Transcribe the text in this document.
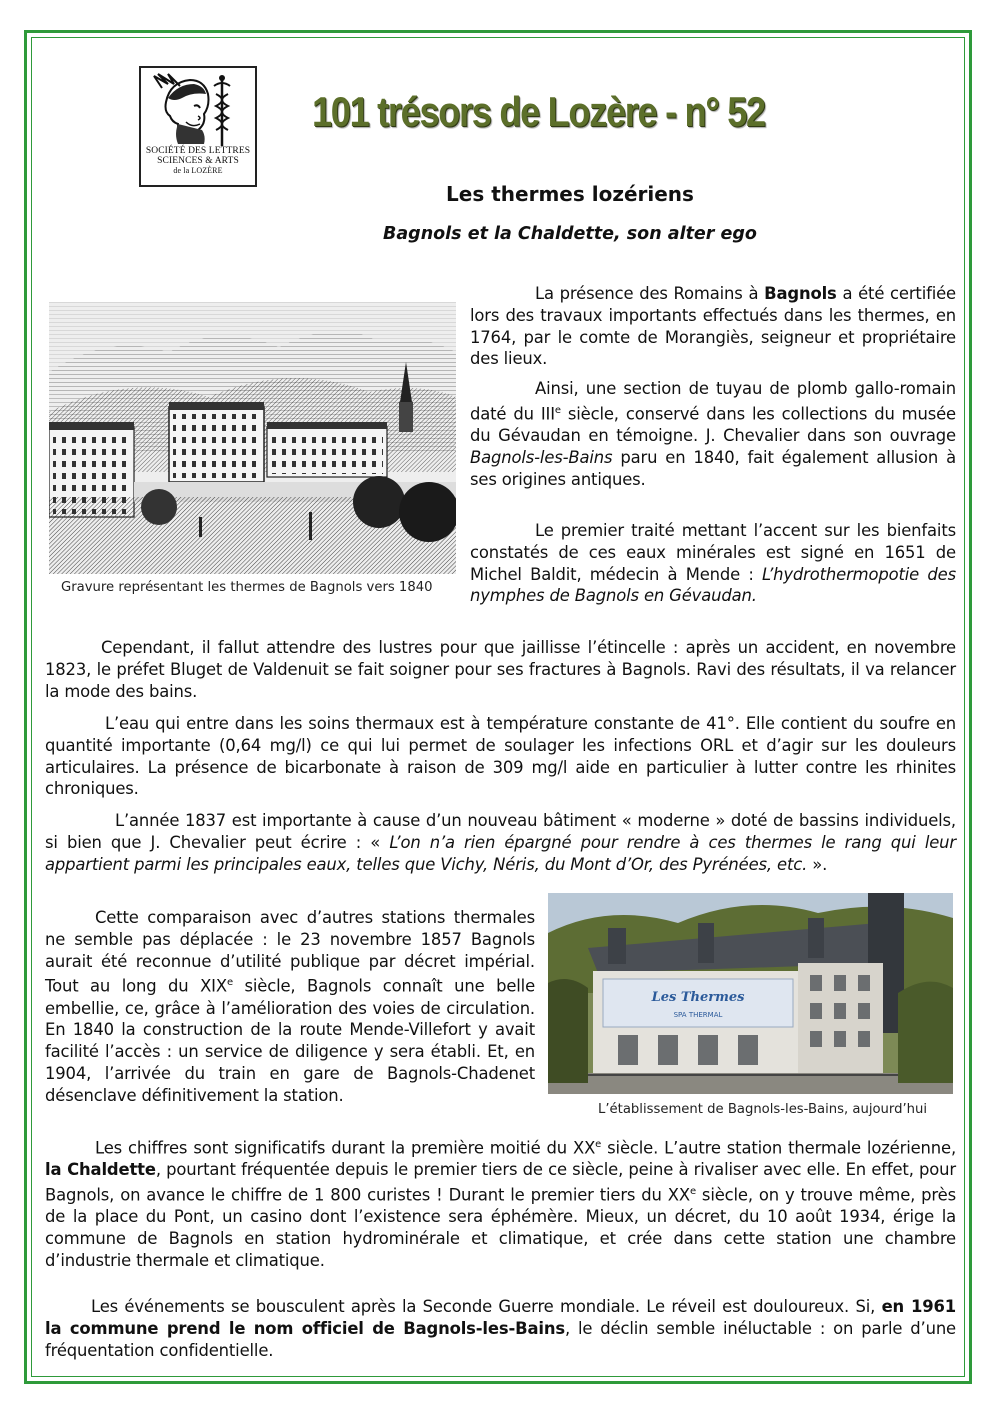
SOCIÉTÉ DES LETTRES
SCIENCES & ARTS
de la LOZÈRE
101 trésors de Lozère - n° 52
Les thermes lozériens
Bagnols et la Chaldette, son alter ego
Gravure représentant les thermes de Bagnols vers 1840

La présence des Romains à Bagnols a été certifiée lors des travaux importants effectués dans les thermes, en 1764, par le comte de Morangiès, seigneur et propriétaire des lieux.

Ainsi, une section de tuyau de plomb gallo-romain daté du IIIe siècle, conservé dans les collections du musée du Gévaudan en témoigne. J. Chevalier dans son ouvrage Bagnols-les-Bains paru en 1840, fait également allusion à ses origines antiques.

Le premier traité mettant l’accent sur les bienfaits constatés de ces eaux minérales est signé en 1651 de Michel Baldit, médecin à Mende : L’hydrothermopotie des nymphes de Bagnols en Gévaudan.

Cependant, il fallut attendre des lustres pour que jaillisse l’étincelle : après un accident, en novembre 1823, le préfet Bluget de Valdenuit se fait soigner pour ses fractures à Bagnols. Ravi des résultats, il va relancer la mode des bains.

L’eau qui entre dans les soins thermaux est à température constante de 41°. Elle contient du soufre en quantité importante (0,64 mg/l) ce qui lui permet de soulager les infections ORL et d’agir sur les douleurs articulaires. La présence de bicarbonate à raison de 309 mg/l aide en particulier à lutter contre les rhinites chroniques.

L’année 1837 est importante à cause d’un nouveau bâtiment « moderne » doté de bassins individuels, si bien que J. Chevalier peut écrire : « L’on n’a rien épargné pour rendre à ces thermes le rang qui leur appartient parmi les principales eaux, telles que Vichy, Néris, du Mont d’Or, des Pyrénées, etc. ».

Cette comparaison avec d’autres stations thermales ne semble pas déplacée : le 23 novembre 1857 Bagnols aurait été reconnue d’utilité publique par décret impérial. Tout au long du XIXe siècle, Bagnols connaît une belle embellie, ce, grâce à l’amélioration des voies de circulation. En 1840 la construction de la route Mende-Villefort y avait facilité l’accès : un service de diligence y sera établi. Et, en 1904, l’arrivée du train en gare de Bagnols-Chadenet désenclave définitivement la station.

Les Thermes
SPA THERMAL
L’établissement de Bagnols-les-Bains, aujourd’hui

Les chiffres sont significatifs durant la première moitié du XXe siècle. L’autre station thermale lozérienne, la Chaldette, pourtant fréquentée depuis le premier tiers de ce siècle, peine à rivaliser avec elle. En effet, pour Bagnols, on avance le chiffre de 1 800 curistes ! Durant le premier tiers du XXe siècle, on y trouve même, près de la place du Pont, un casino dont l’existence sera éphémère. Mieux, un décret, du 10 août 1934, érige la commune de Bagnols en station hydrominérale et climatique, et crée dans cette station une chambre d’industrie thermale et climatique.

Les événements se bousculent après la Seconde Guerre mondiale. Le réveil est douloureux. Si, en 1961 la commune prend le nom officiel de Bagnols-les-Bains, le déclin semble inéluctable : on parle d’une fréquentation confidentielle.
